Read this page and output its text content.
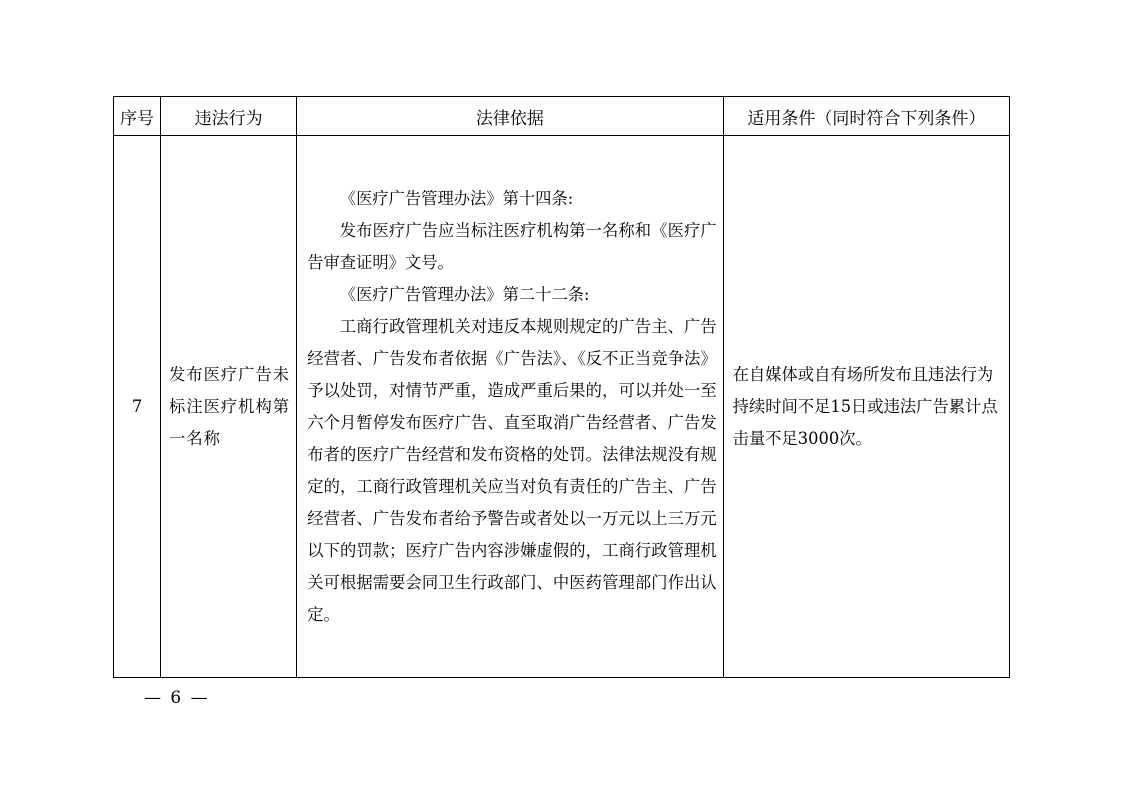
序号	违法行为	法律依据	适用条件（同时符合下列条件）
7	发布医疗广告未标注医疗机构第一名称	《医疗广告管理办法》第十四条:

发布医疗广告应当标注医疗机构第一名称和《医疗广告审查证明》文号。

《医疗广告管理办法》第二十二条:

工商行政管理机关对违反本规则规定的广告主、广告经营者、广告发布者依据《广告法》、《反不正当竞争法》予以处罚，对情节严重，造成严重后果的，可以并处一至六个月暂停发布医疗广告、直至取消广告经营者、广告发布者的医疗广告经营和发布资格的处罚。法律法规没有规定的，工商行政管理机关应当对负有责任的广告主、广告经营者、广告发布者给予警告或者处以一万元以上三万元以下的罚款；医疗广告内容涉嫌虚假的，工商行政管理机关可根据需要会同卫生行政部门、中医药管理部门作出认定。	在自媒体或自有场所发布且违法行为持续时间不足15日或违法广告累计点击量不足3000次。
— 6 —
